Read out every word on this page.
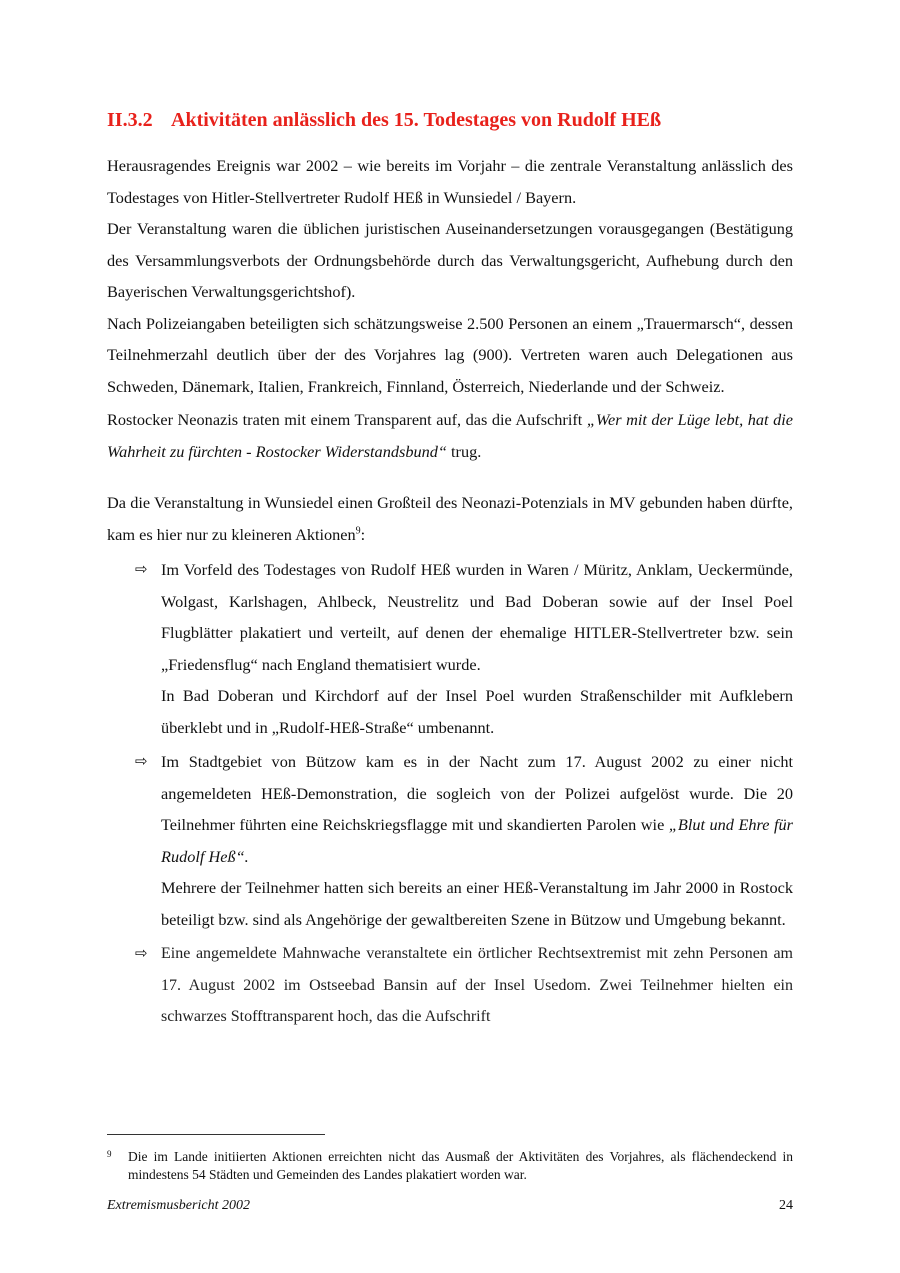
II.3.2 Aktivitäten anlässlich des 15. Todestages von Rudolf HEß

Herausragendes Ereignis war 2002 – wie bereits im Vorjahr – die zentrale Veranstaltung anlässlich des Todestages von Hitler-Stellvertreter Rudolf HEß in Wunsiedel / Bayern.

Der Veranstaltung waren die üblichen juristischen Auseinandersetzungen vorausgegangen (Bestätigung des Versammlungsverbots der Ordnungsbehörde durch das Verwaltungsgericht, Aufhebung durch den Bayerischen Verwaltungsgerichtshof).

Nach Polizeiangaben beteiligten sich schätzungsweise 2.500 Personen an einem „Trauermarsch“, dessen Teilnehmerzahl deutlich über der des Vorjahres lag (900). Vertreten waren auch Delegationen aus Schweden, Dänemark, Italien, Frankreich, Finnland, Österreich, Niederlande und der Schweiz.

Rostocker Neonazis traten mit einem Transparent auf, das die Aufschrift „Wer mit der Lüge lebt, hat die Wahrheit zu fürchten - Rostocker Widerstandsbund“ trug.

Da die Veranstaltung in Wunsiedel einen Großteil des Neonazi-Potenzials in MV gebunden haben dürfte, kam es hier nur zu kleineren Aktionen$^9$:

⇨ Im Vorfeld des Todestages von Rudolf HEß wurden in Waren / Müritz, Anklam, Ueckermünde, Wolgast, Karlshagen, Ahlbeck, Neustrelitz und Bad Doberan sowie auf der Insel Poel Flugblätter plakatiert und verteilt, auf denen der ehemalige HITLER-Stellvertreter bzw. sein „Friedensflug“ nach England thematisiert wurde.

In Bad Doberan und Kirchdorf auf der Insel Poel wurden Straßenschilder mit Aufklebern überklebt und in „Rudolf-HEß-Straße“ umbenannt.

⇨ Im Stadtgebiet von Bützow kam es in der Nacht zum 17. August 2002 zu einer nicht angemeldeten HEß-Demonstration, die sogleich von der Polizei aufgelöst wurde. Die 20 Teilnehmer führten eine Reichskriegsflagge mit und skandierten Parolen wie „Blut und Ehre für Rudolf Heß“.

Mehrere der Teilnehmer hatten sich bereits an einer HEß-Veranstaltung im Jahr 2000 in Rostock beteiligt bzw. sind als Angehörige der gewaltbereiten Szene in Bützow und Umgebung bekannt.

⇨ Eine angemeldete Mahnwache veranstaltete ein örtlicher Rechtsextremist mit zehn Personen am 17. August 2002 im Ostseebad Bansin auf der Insel Usedom. Zwei Teilnehmer hielten ein schwarzes Stofftransparent hoch, das die Aufschrift

9 Die im Lande initiierten Aktionen erreichten nicht das Ausmaß der Aktivitäten des Vorjahres, als flächendeckend in mindestens 54 Städten und Gemeinden des Landes plakatiert worden war.
Extremismusbericht 2002	24
